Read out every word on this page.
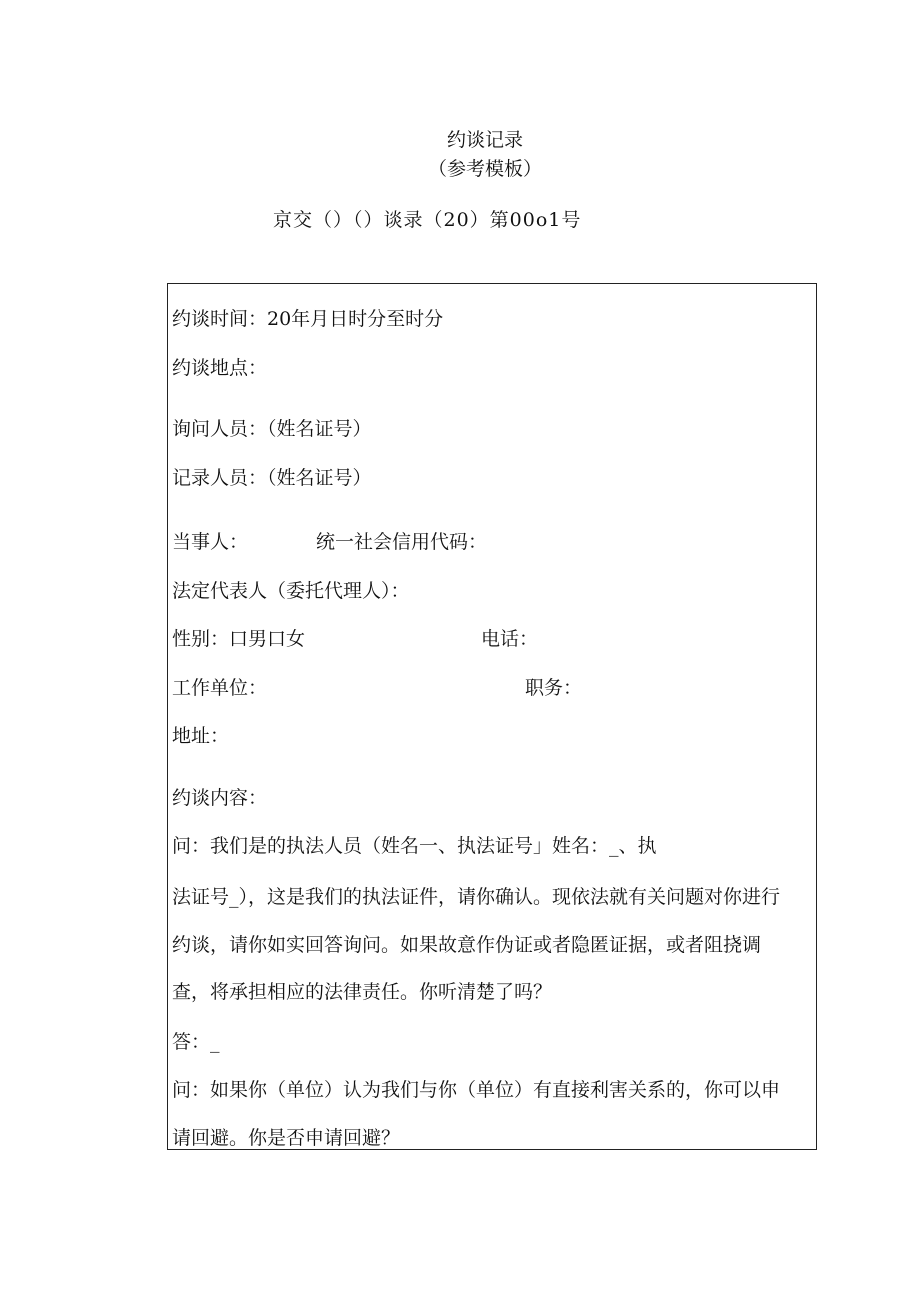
约谈记录
（参考模板）
京交（）（）谈录（20）第00o1号
约谈时间：20年月日时分至时分
约谈地点：
询问人员：（姓名证号）
记录人员：（姓名证号）
当事人：	统一社会信用代码：
法定代表人（委托代理人）：
性别：口男口女	电话：
工作单位：	职务：
地址：
约谈内容：
问：我们是的执法人员（姓名一、执法证号」姓名：_、执
法证号_），这是我们的执法证件，请你确认。现依法就有关问题对你进行
约谈，请你如实回答询问。如果故意作伪证或者隐匿证据，或者阻挠调
查，将承担相应的法律责任。你听清楚了吗？
答：_
问：如果你（单位）认为我们与你（单位）有直接利害关系的，你可以申
请回避。你是否申请回避？
